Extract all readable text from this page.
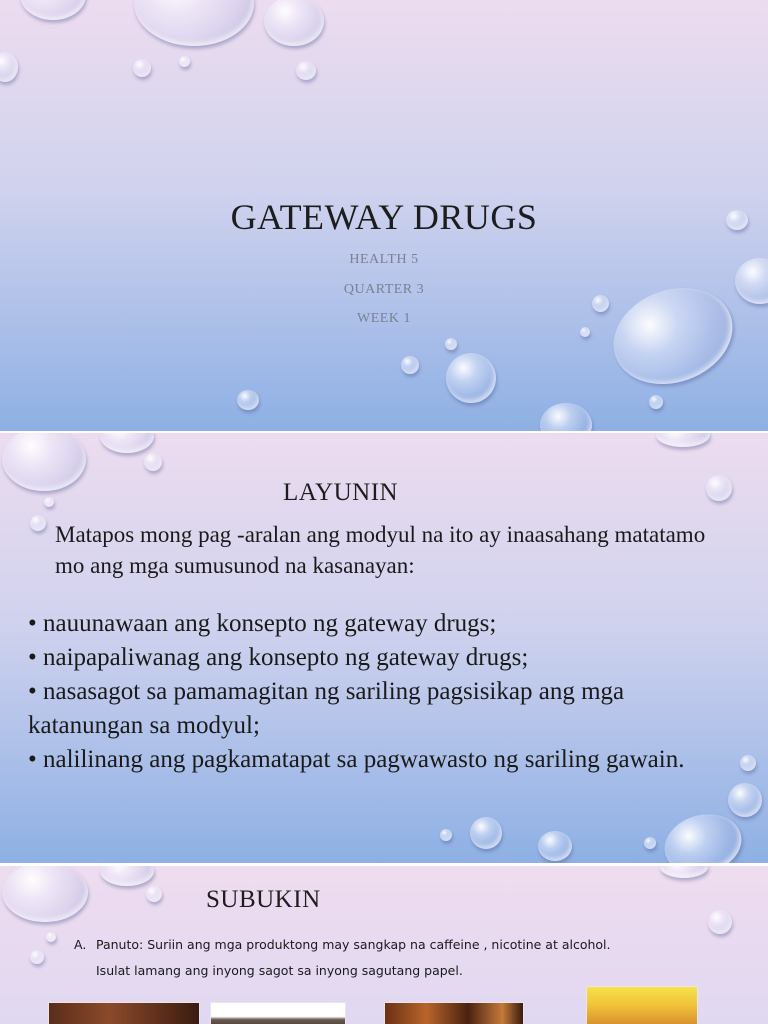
GATEWAY DRUGS
HEALTH 5
QUARTER 3
WEEK 1
LAYUNIN
Matapos mong pag -aralan ang modyul na ito ay inaasahang matatamo mo ang mga sumusunod na kasanayan:
• nauunawaan ang konsepto ng gateway drugs;
• naipapaliwanag ang konsepto ng gateway drugs;
• nasasagot sa pamamagitan ng sariling pagsisikap ang mga katanungan sa modyul;
• nalilinang ang pagkamatapat sa pagwawasto ng sariling gawain.
SUBUKIN
A. Panuto: Suriin ang mga produktong may sangkap na caffeine , nicotine at alcohol.
Isulat lamang ang inyong sagot sa inyong sagutang papel.
